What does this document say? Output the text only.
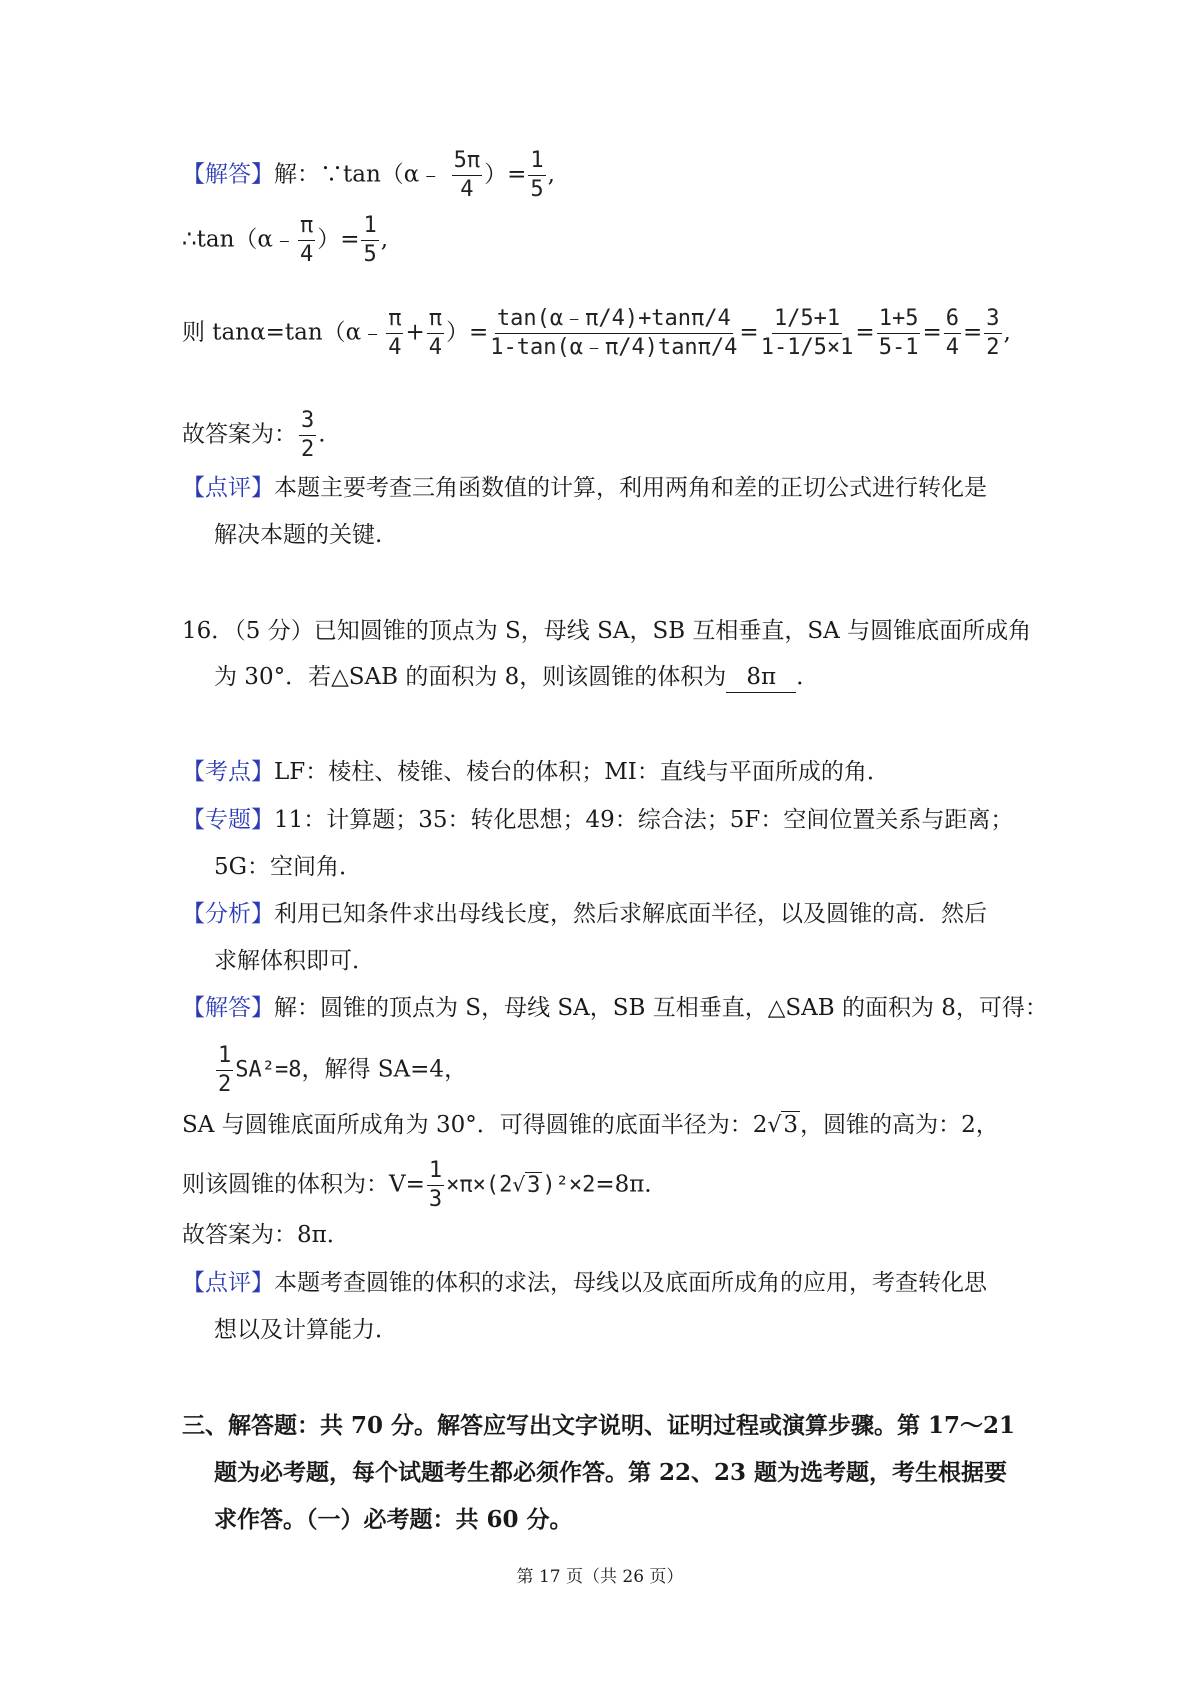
【解答】解：∵tan（α﹣ $\frac{5\pi}{4}$ ）= $\frac{1}{5}$ ,
∴tan（α﹣ $\frac{\pi}{4}$ ）= $\frac{1}{5}$ ,
则 tanα=tan（α﹣ $\frac{\pi}{4} + \frac{\pi}{4}$ ）= $\frac{\tan(\alpha﹣\pi/4)+\tan\pi/4}{1-\tan(\alpha﹣\pi/4)\tan\pi/4} = \frac{1/5+1}{1-1/5\times 1} = \frac{1+5}{5-1} = \frac{6}{4} = \frac{3}{2}$ ,
故答案为： $\frac{3}{2}$ .
【点评】本题主要考查三角函数值的计算，利用两角和差的正切公式进行转化是
解决本题的关键.
16．（5 分）已知圆锥的顶点为 S，母线 SA，SB 互相垂直，SA 与圆锥底面所成角
为 30°．若△SAB 的面积为 8，则该圆锥的体积为 8π ．
【考点】LF：棱柱、棱锥、棱台的体积；MI：直线与平面所成的角．
【专题】11：计算题；35：转化思想；49：综合法；5F：空间位置关系与距离；
5G：空间角．
【分析】利用已知条件求出母线长度，然后求解底面半径，以及圆锥的高．然后
求解体积即可．
【解答】解：圆锥的顶点为 S，母线 SA，SB 互相垂直，△SAB 的面积为 8，可得：
$\frac{1}{2} SA^2=8$，解得 SA=4，
SA 与圆锥底面所成角为 30°．可得圆锥的底面半径为：2√3，圆锥的高为：2，
则该圆锥的体积为：$V= \frac{1}{3} \times\pi\times(2√3)^2\times 2=8\pi$．
故答案为：8π．
【点评】本题考查圆锥的体积的求法，母线以及底面所成角的应用，考查转化思
想以及计算能力．
三、解答题：共 70 分。解答应写出文字说明、证明过程或演算步骤。第 17～21
题为必考题，每个试题考生都必须作答。第 22、23 题为选考题，考生根据要
求作答。（一）必考题：共 60 分。
第 17 页（共 26 页）
